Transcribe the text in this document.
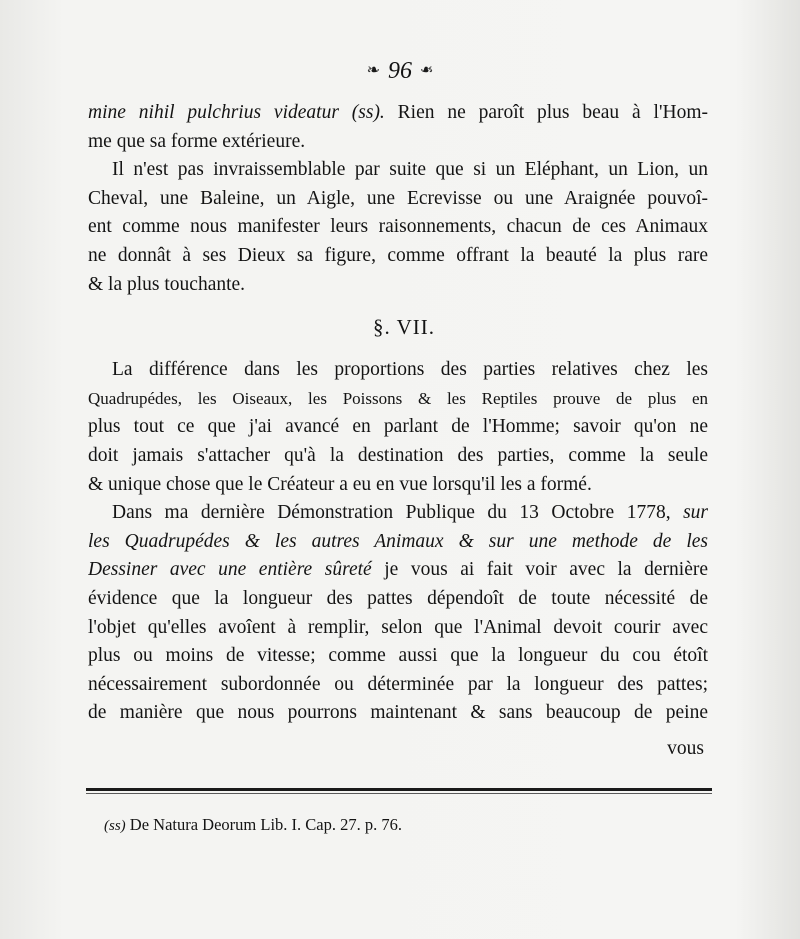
❧ 96 ❧
mine nihil pulchrius videatur (ss). Rien ne paroît plus beau à l'Hom-
me que sa forme extérieure.
Il n'est pas invraissemblable par suite que si un Eléphant, un Lion, un
Cheval, une Baleine, un Aigle, une Ecrevisse ou une Araignée pouvoî-
ent comme nous manifester leurs raisonnements, chacun de ces Animaux
ne donnât à ses Dieux sa figure, comme offrant la beauté la plus rare
& la plus touchante.
§. VII.
La différence dans les proportions des parties relatives chez les
Quadrupédes, les Oiseaux, les Poissons & les Reptiles prouve de plus en
plus tout ce que j'ai avancé en parlant de l'Homme; savoir qu'on ne
doit jamais s'attacher qu'à la destination des parties, comme la seule
& unique chose que le Créateur a eu en vue lorsqu'il les a formé.
Dans ma dernière Démonstration Publique du 13 Octobre 1778, sur
les Quadrupédes & les autres Animaux & sur une methode de les
Dessiner avec une entière sûreté je vous ai fait voir avec la dernière
évidence que la longueur des pattes dépendoît de toute nécessité de
l'objet qu'elles avoîent à remplir, selon que l'Animal devoit courir avec
plus ou moins de vitesse; comme aussi que la longueur du cou étoît
nécessairement subordonnée ou déterminée par la longueur des pattes;
de manière que nous pourrons maintenant & sans beaucoup de peine
vous
(ss) De Natura Deorum Lib. I. Cap. 27. p. 76.
